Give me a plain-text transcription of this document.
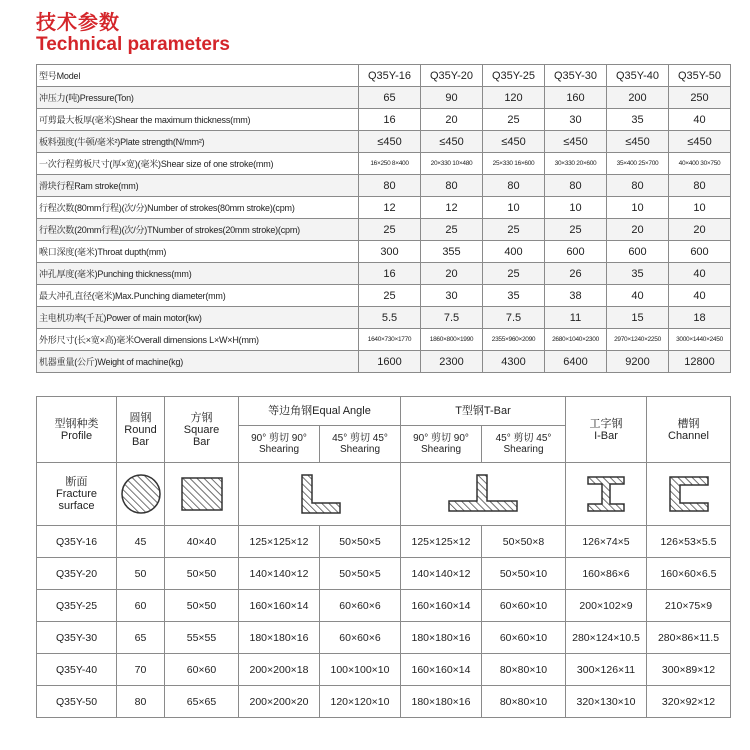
技术参数
Technical parameters
型号Model	Q35Y-16	Q35Y-20	Q35Y-25	Q35Y-30	Q35Y-40	Q35Y-50
冲压力(吨)Pressure(Ton)	65	90	120	160	200	250
可剪最大板厚(毫米)Shear the maximum thickness(mm)	16	20	25	30	35	40
板料强度(牛顿/毫米²)Plate strength(N/mm²)	≤450	≤450	≤450	≤450	≤450	≤450
一次行程剪板尺寸(厚×宽)(毫米)Shear size of one stroke(mm)	16×250 8×400	20×330 10×480	25×330 16×600	30×330 20×600	35×400 25×700	40×400 30×750
滑块行程Ram stroke(mm)	80	80	80	80	80	80
行程次数(80mm行程)(次/分)Number of strokes(80mm stroke)(cpm)	12	12	10	10	10	10
行程次数(20mm行程)(次/分)TNumber of strokes(20mm stroke)(cpm)	25	25	25	25	20	20
喉口深度(毫米)Throat dupth(mm)	300	355	400	600	600	600
冲孔厚度(毫米)Punching thickness(mm)	16	20	25	26	35	40
最大冲孔直径(毫米)Max.Punching diameter(mm)	25	30	35	38	40	40
主电机功率(千瓦)Power of main motor(kw)	5.5	7.5	7.5	11	15	18
外形尺寸(长×宽×高)毫米Overall dimensions L×W×H(mm)	1640×730×1770	1860×800×1990	2355×960×2090	2680×1040×2300	2970×1240×2250	3000×1440×2450
机器重量(公斤)Weight of machine(kg)	1600	2300	4300	6400	9200	12800
型钢种类 Profile	圆钢 Round Bar	方钢 Square Bar	等边角钢Equal Angle		T型钢T-Bar		工字钢 I-Bar	槽钢 Channel
			90° 剪切 90° Shearing	45° 剪切 45° Shearing	90° 剪切 90° Shearing	45° 剪切 45° Shearing		
断面 Fracture surface	

Q35Y-16	45	40×40	125×125×12	50×50×5	125×125×12	50×50×8	126×74×5	126×53×5.5
Q35Y-20	50	50×50	140×140×12	50×50×5	140×140×12	50×50×10	160×86×6	160×60×6.5
Q35Y-25	60	50×50	160×160×14	60×60×6	160×160×14	60×60×10	200×102×9	210×75×9
Q35Y-30	65	55×55	180×180×16	60×60×6	180×180×16	60×60×10	280×124×10.5	280×86×11.5
Q35Y-40	70	60×60	200×200×18	100×100×10	160×160×14	80×80×10	300×126×11	300×89×12
Q35Y-50	80	65×65	200×200×20	120×120×10	180×180×16	80×80×10	320×130×10	320×92×12
